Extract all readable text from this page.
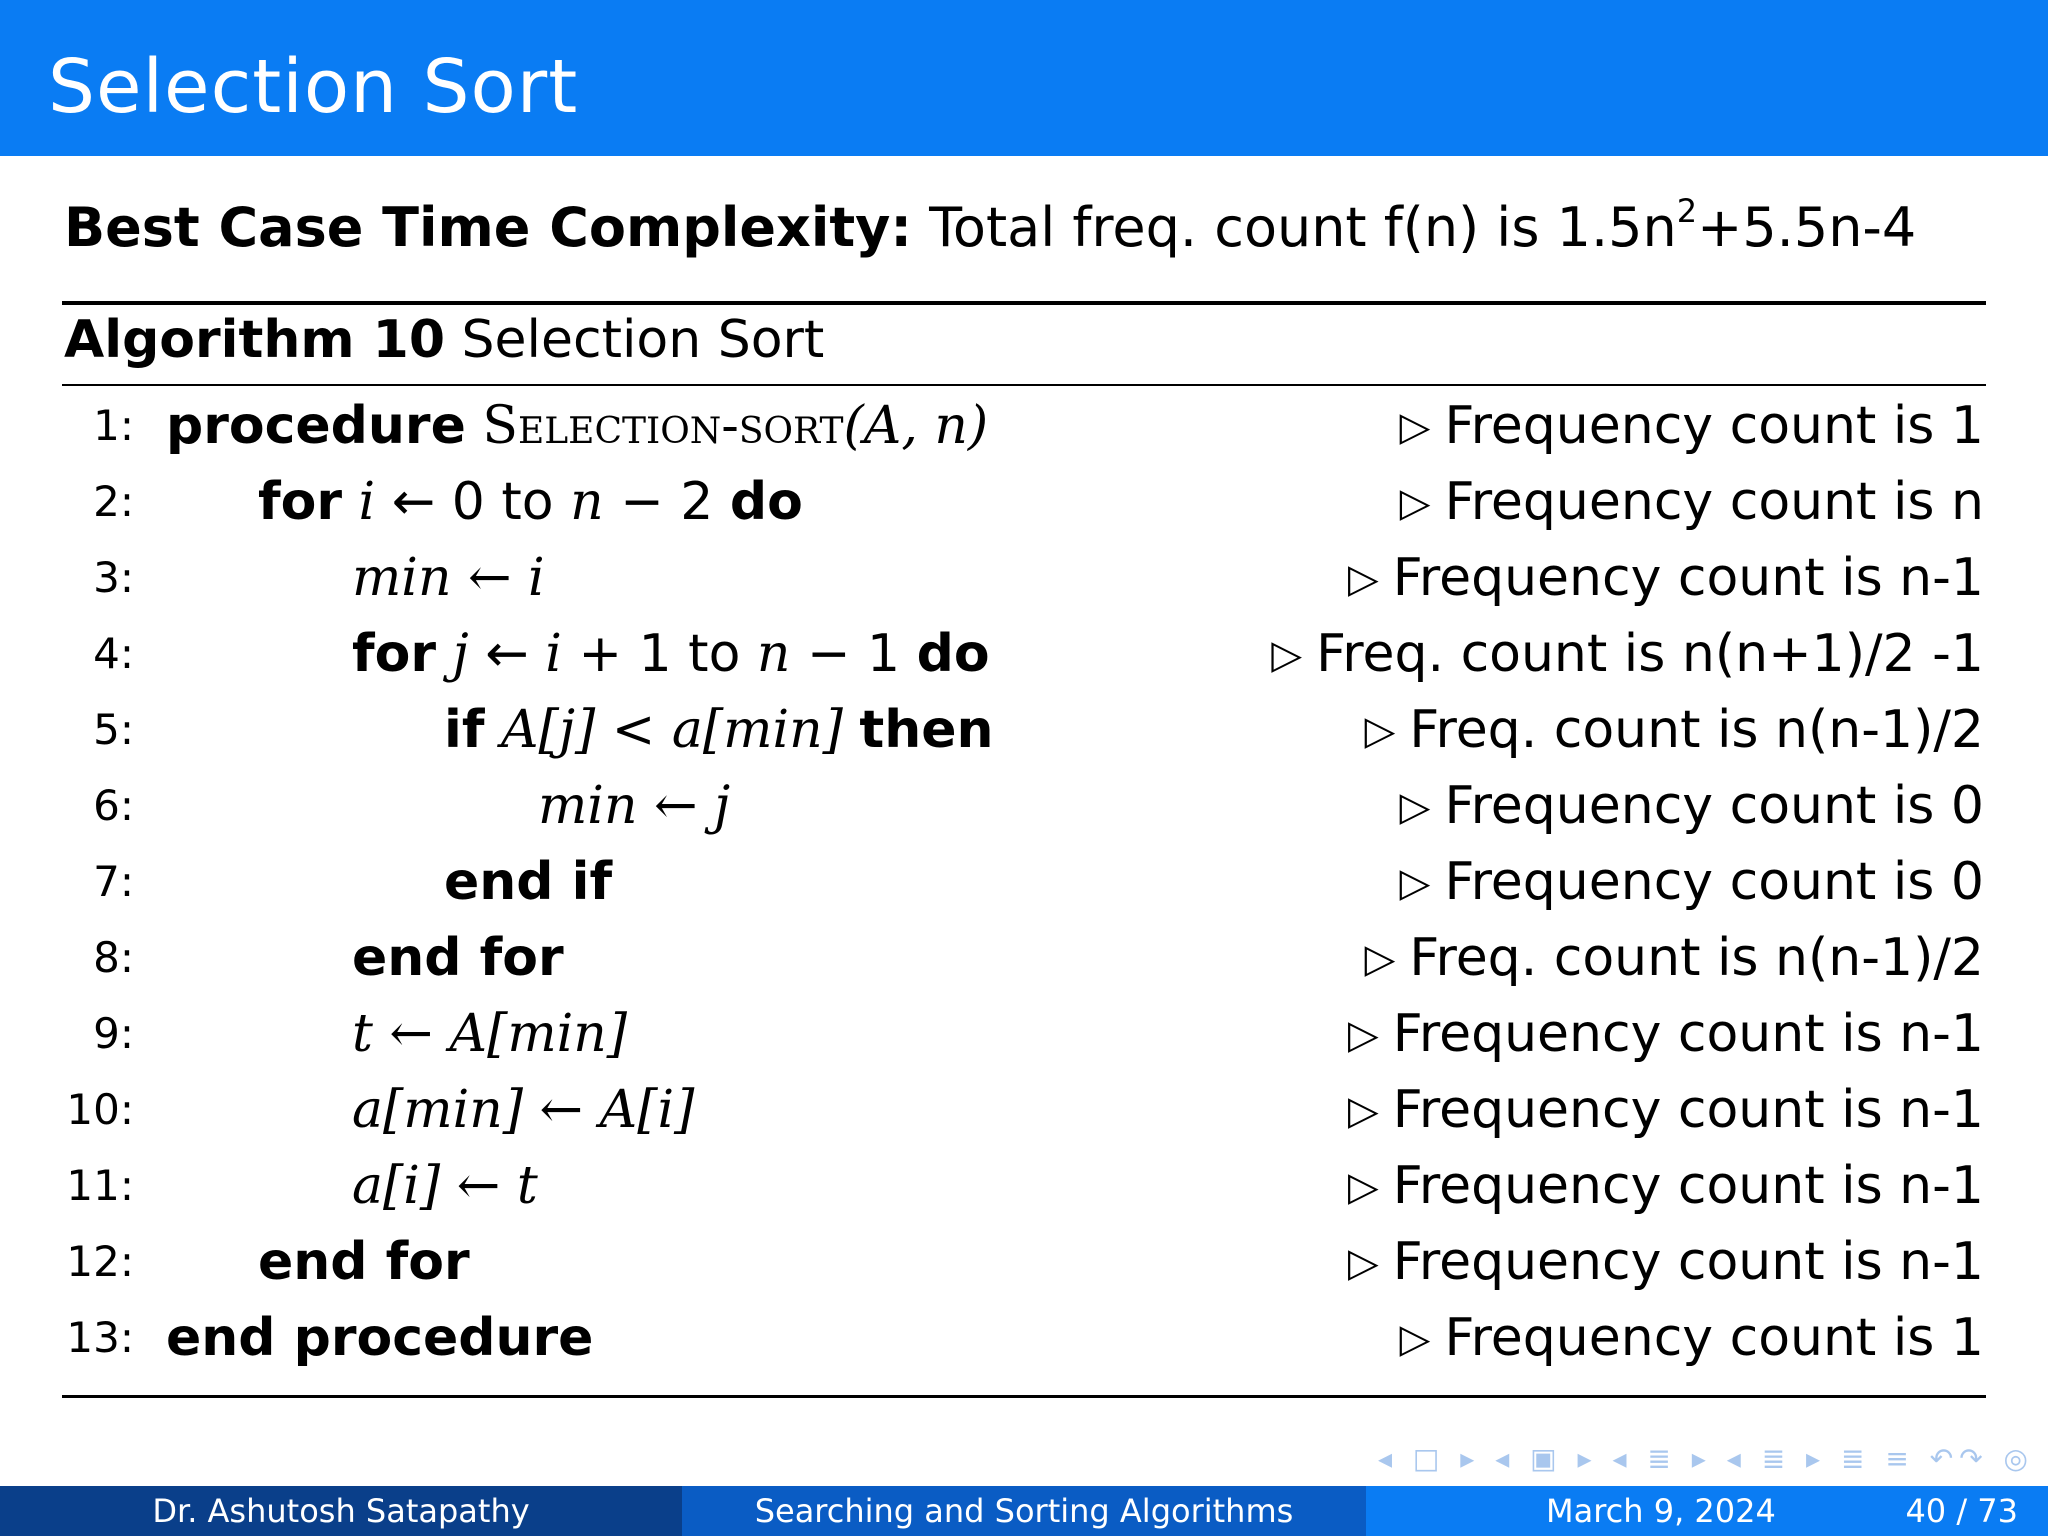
Selection Sort
Best Case Time Complexity: Total freq. count f(n) is $1.5n^2+5.5n-4$
Algorithm 10 Selection Sort
1: procedure Selection-sort(A, n)	▷ Frequency count is 1
2: for i ← 0 to n − 2 do	▷ Frequency count is n
3:	min ← i	▷ Frequency count is n-1
4:	for j ← i + 1 to n − 1 do	▷ Freq. count is n(n+1)/2 -1
5:	if A[j] < a[min] then	▷ Freq. count is n(n-1)/2
6:	min ← j	▷ Frequency count is 0
7:	end if	▷ Frequency count is 0
8:	end for	▷ Freq. count is n(n-1)/2
9:	t ← A[min]	▷ Frequency count is n-1
10:	a[min] ← A[i]	▷ Frequency count is n-1
11:	a[i] ← t	▷ Frequency count is n-1
12: end for	▷ Frequency count is n-1
13: end procedure	▷ Frequency count is 1
◂ □ ▸ ◂ ▣ ▸ ◂ ≣ ▸ ◂ ≣ ▸ ≣ ≡ ↶↷ ◎
Dr. Ashutosh Satapathy	Searching and Sorting Algorithms	March 9, 2024	40 / 73
